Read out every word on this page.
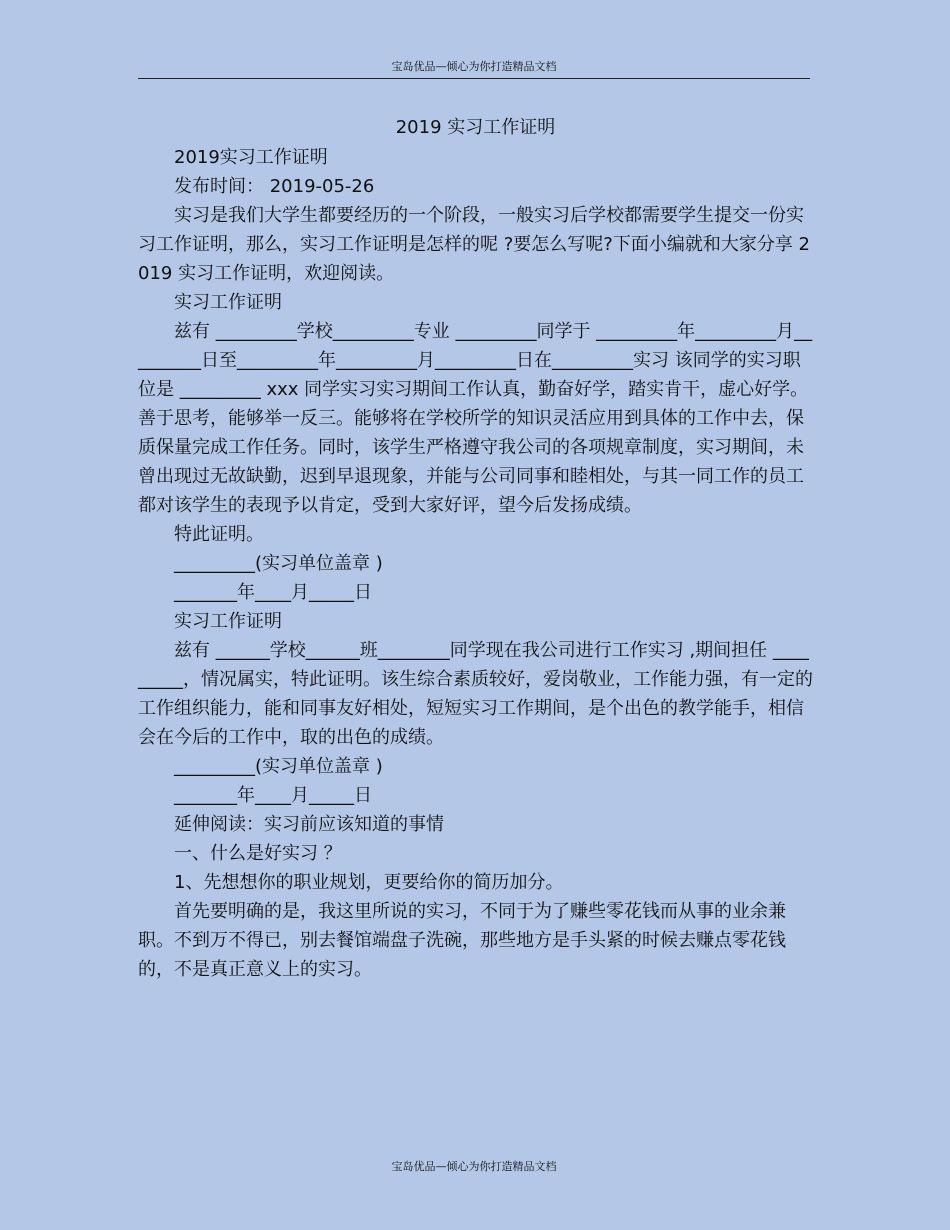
宝岛优品—倾心为你打造精品文档

2019 实习工作证明

2019实习工作证明

发布时间： 2019-05-26

实习是我们大学生都要经历的一个阶段，一般实习后学校都需要学生提交一份实习工作证明，那么，实习工作证明是怎样的呢 ?要怎么写呢?下面小编就和大家分享 2019 实习工作证明，欢迎阅读。

实习工作证明

兹有 _________学校_________专业 _________同学于 _________年_________月_________日至_________年_________月_________日在_________实习 该同学的实习职位是 _________ xxx 同学实习实习期间工作认真，勤奋好学，踏实肯干，虚心好学。善于思考，能够举一反三。能够将在学校所学的知识灵活应用到具体的工作中去，保质保量完成工作任务。同时，该学生严格遵守我公司的各项规章制度，实习期间，未曾出现过无故缺勤，迟到早退现象，并能与公司同事和睦相处，与其一同工作的员工都对该学生的表现予以肯定，受到大家好评，望今后发扬成绩。

特此证明。

_________(实习单位盖章 )

_______年____月_____日

实习工作证明

兹有 ______学校______班________同学现在我公司进行工作实习 ,期间担任 _________，情况属实，特此证明。该生综合素质较好，爱岗敬业，工作能力强，有一定的工作组织能力，能和同事友好相处，短短实习工作期间，是个出色的教学能手，相信会在今后的工作中，取的出色的成绩。

_________(实习单位盖章 )

_______年____月_____日

延伸阅读：实习前应该知道的事情

一、什么是好实习 ？

1、先想想你的职业规划，更要给你的简历加分。

首先要明确的是，我这里所说的实习，不同于为了赚些零花钱而从事的业余兼职。不到万不得已，别去餐馆端盘子洗碗，那些地方是手头紧的时候去赚点零花钱的，不是真正意义上的实习。

宝岛优品—倾心为你打造精品文档
